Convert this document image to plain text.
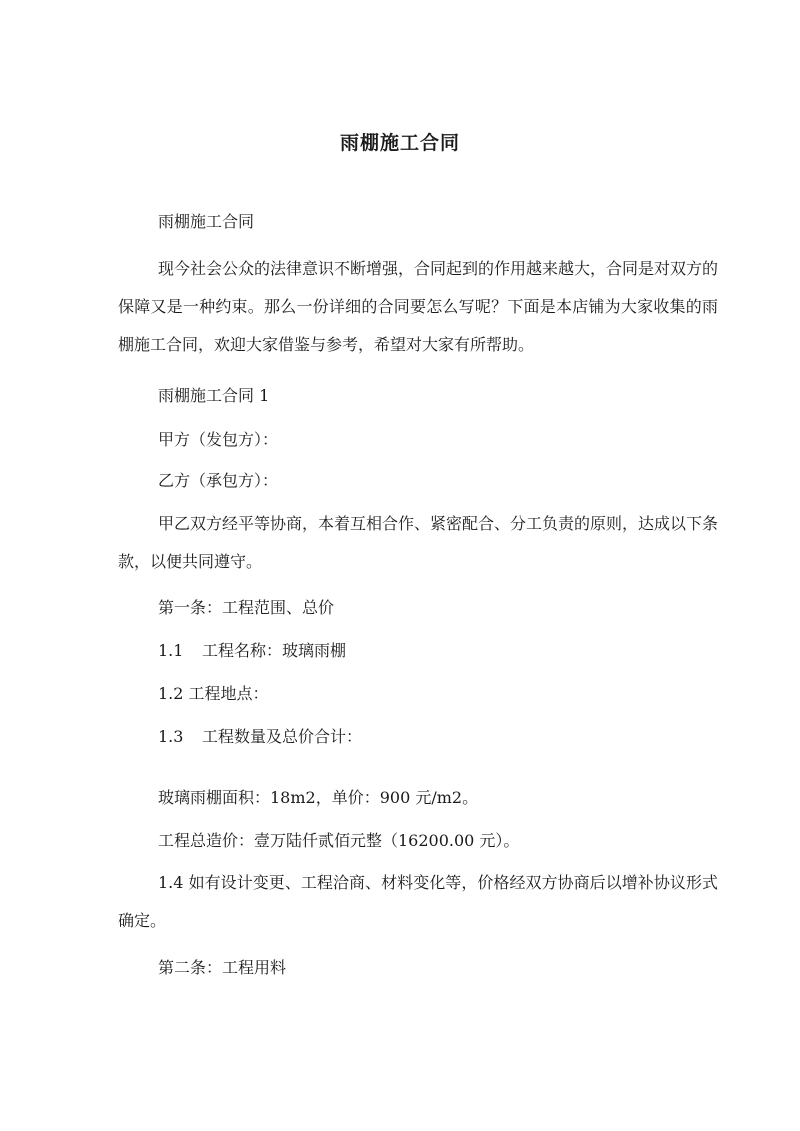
雨棚施工合同
雨棚施工合同
现今社会公众的法律意识不断增强，合同起到的作用越来越大，合同是对双方的保障又是一种约束。那么一份详细的合同要怎么写呢？下面是本店铺为大家收集的雨棚施工合同，欢迎大家借鉴与参考，希望对大家有所帮助。
雨棚施工合同 1
甲方（发包方）：
乙方（承包方）：
甲乙双方经平等协商，本着互相合作、紧密配合、分工负责的原则，达成以下条款，以便共同遵守。
第一条：工程范围、总价
1.1 工程名称：玻璃雨棚
1.2 工程地点：
1.3 工程数量及总价合计：
玻璃雨棚面积：18m2，单价：900 元/m2。
工程总造价：壹万陆仟贰佰元整（16200.00 元）。
1.4 如有设计变更、工程洽商、材料变化等，价格经双方协商后以增补协议形式确定。
第二条：工程用料
